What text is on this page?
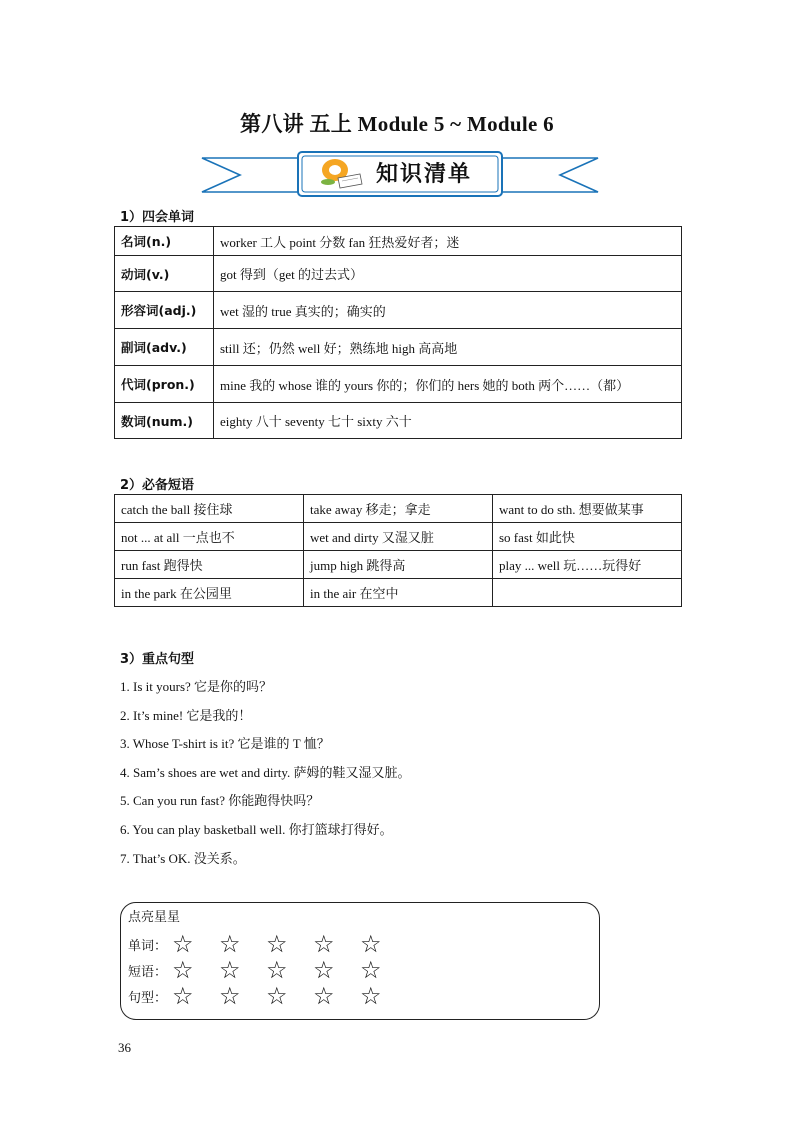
第八讲 五上 Module 5 ~ Module 6
知识清单
1）四会单词
名词(n.)	worker 工人 point 分数 fan 狂热爱好者；迷
动词(v.)	got 得到（get 的过去式）
形容词(adj.)	wet 湿的 true 真实的；确实的
副词(adv.)	still 还；仍然 well 好；熟练地 high 高高地
代词(pron.)	mine 我的 whose 谁的 yours 你的；你们的 hers 她的 both 两个……（都）
数词(num.)	eighty 八十 seventy 七十 sixty 六十
2）必备短语
catch the ball 接住球	take away 移走；拿走	want to do sth. 想要做某事
not ... at all 一点也不	wet and dirty 又湿又脏	so fast 如此快
run fast 跑得快	jump high 跳得高	play ... well 玩……玩得好
in the park 在公园里	in the air 在空中	
3）重点句型
1. Is it yours? 它是你的吗？
2. It’s mine! 它是我的！
3. Whose T-shirt is it? 它是谁的 T 恤？
4. Sam’s shoes are wet and dirty. 萨姆的鞋又湿又脏。
5. Can you run fast? 你能跑得快吗？
6. You can play basketball well. 你打篮球打得好。
7. That’s OK. 没关系。
点亮星星
单词： ☆	☆	☆	☆	☆
短语： ☆	☆	☆	☆	☆
句型： ☆	☆	☆	☆	☆
36
